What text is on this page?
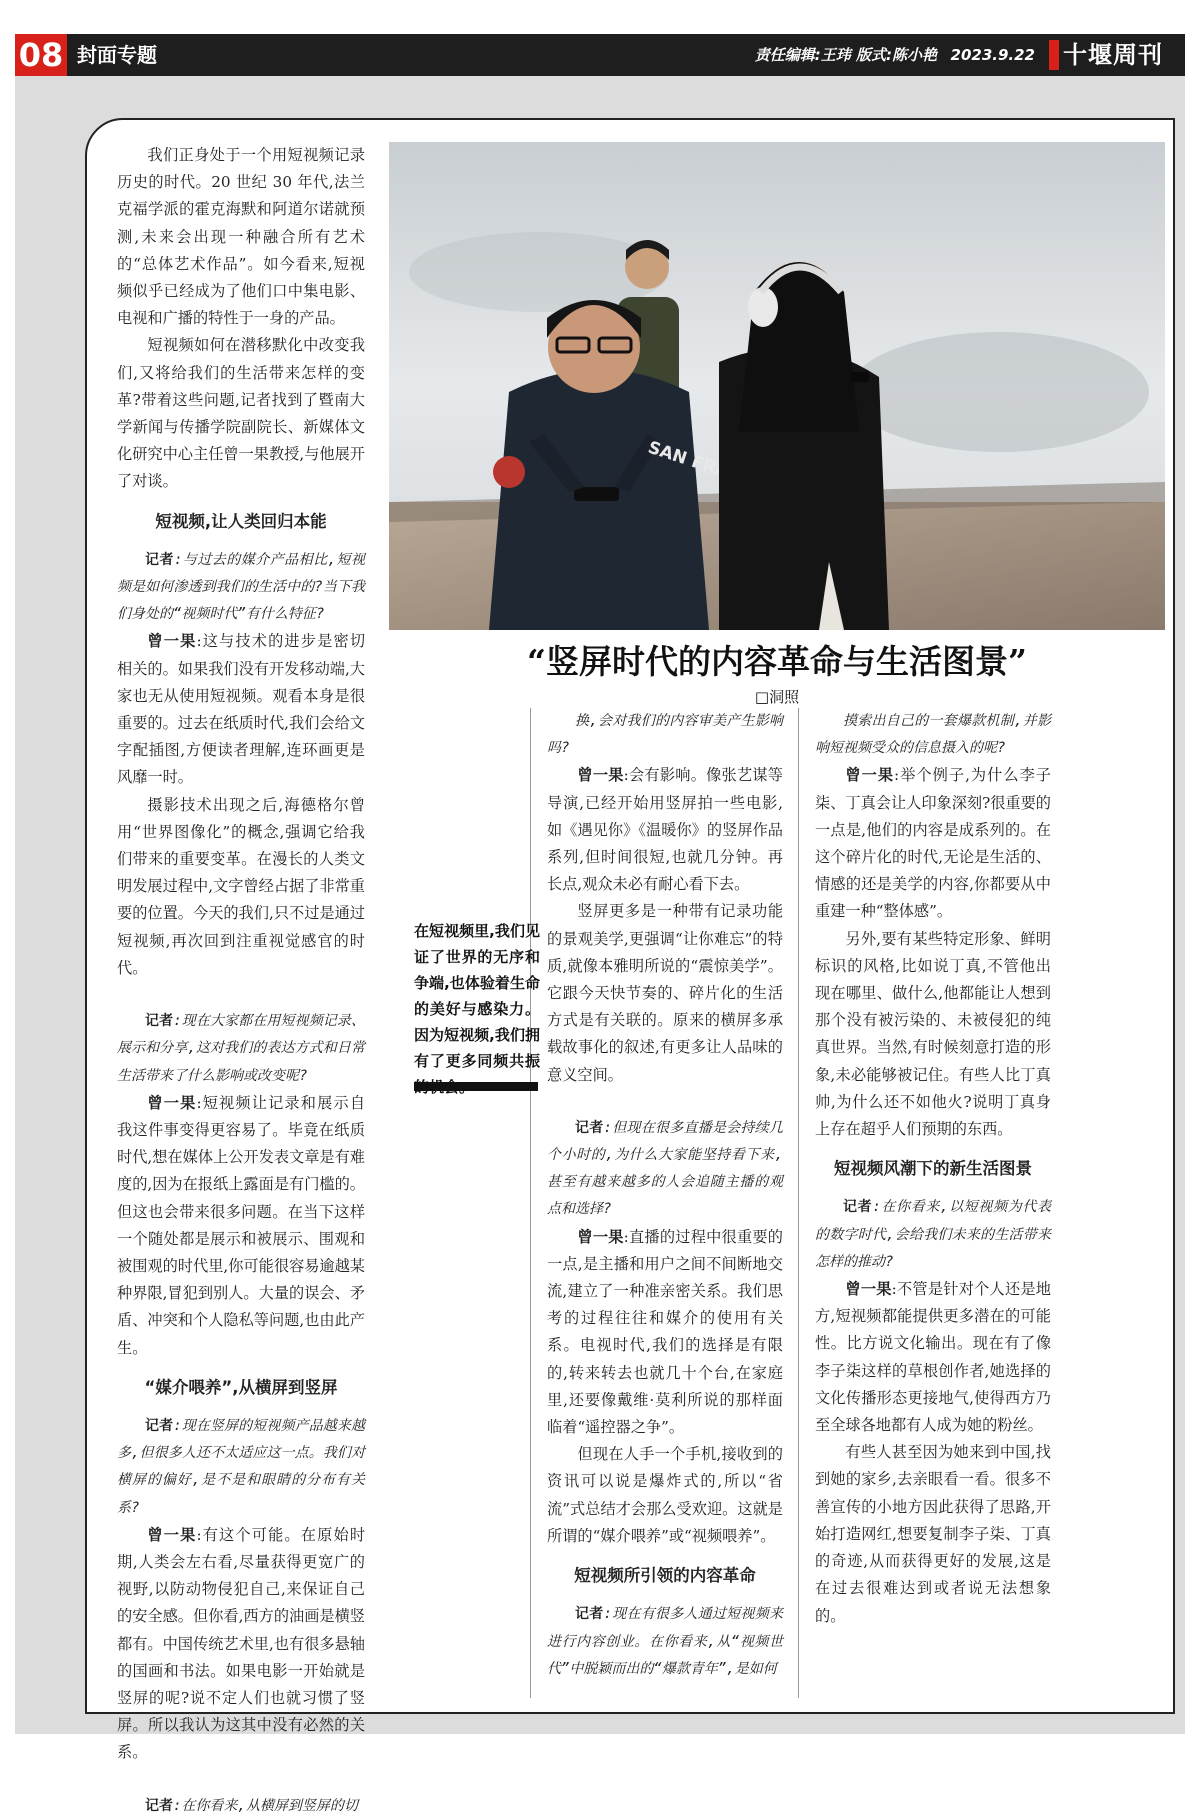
08 封面专题	责任编辑:王玮 版式:陈小艳 2023.9.22 十堰周刊
SAN
“竖屏时代的内容革命与生活图景”
□洞照
在短视频里,我们见证了世界的无序和争端,也体验着生命的美好与感染力。因为短视频,我们拥有了更多同频共振

我们正身处于一个用短视频记录历史的时代。20 世纪 30 年代,法兰克福学派的霍克海默和阿道尔诺就预测,未来会出现一种融合所有艺术的“总体艺术作品”。如今看来,短视频似乎已经成为了他们口中集电影、电视和广播的特性于一身的产品。

短视频如何在潜移默化中改变我们,又将给我们的生活带来怎样的变革?带着这些问题,记者找到了暨南大学新闻与传播学院副院长、新媒体文化研究中心主任曾一果教授,与他展开了对谈。

短视频,让人类回归本能

记者:与过去的媒介产品相比,短视频是如何渗透到我们的生活中的?当下我们身处的“视频时代”有什么特征?

曾一果:这与技术的进步是密切相关的。如果我们没有开发移动端,大家也无从使用短视频。观看本身是很重要的。过去在纸质时代,我们会给文字配插图,方便读者理解,连环画更是风靡一时。

摄影技术出现之后,海德格尔曾用“世界图像化”的概念,强调它给我们带来的重要变革。在漫长的人类文明发展过程中,文字曾经占据了非常重要的位置。今天的我们,只不过是通过短视频,再次回到注重视觉感官的时代。

记者:现在大家都在用短视频记录、展示和分享,这对我们的表达方式和日常生活带来了什么影响或改变呢?

曾一果:短视频让记录和展示自我这件事变得更容易了。毕竟在纸质时代,想在媒体上公开发表文章是有难度的,因为在报纸上露面是有门槛的。但这也会带来很多问题。在当下这样一个随处都是展示和被展示、围观和被围观的时代里,你可能很容易逾越某种界限,冒犯到别人。大量的误会、矛盾、冲突和个人隐私等问题,也由此产生。

“媒介喂养”,从横屏到竖屏

记者:现在竖屏的短视频产品越来越多,但很多人还不太适应这一点。我们对横屏的偏好,是不是和眼睛的分布有关系?

曾一果:有这个可能。在原始时期,人类会左右看,尽量获得更宽广的视野,以防动物侵犯自己,来保证自己的安全感。但你看,西方的油画是横竖都有。中国传统艺术里,也有很多悬轴的国画和书法。如果电影一开始就是竖屏的呢?说不定人们也就习惯了竖屏。所以我认为这其中没有必然的关系。

记者:在你看来,从横屏到竖屏的切

换,会对我们的内容审美产生影响吗?

曾一果:会有影响。像张艺谋等导演,已经开始用竖屏拍一些电影,如《遇见你》《温暖你》的竖屏作品系列,但时间很短,也就几分钟。再长点,观众未必有耐心看下去。

竖屏更多是一种带有记录功能的景观美学,更强调“让你难忘”的特质,就像本雅明所说的“震惊美学”。它跟今天快节奏的、碎片化的生活方式是有关联的。原来的横屏多承载故事化的叙述,有更多让人品味的意义空间。

记者:但现在很多直播是会持续几个小时的,为什么大家能坚持看下来,甚至有越来越多的人会追随主播的观点和选择?

曾一果:直播的过程中很重要的一点,是主播和用户之间不间断地交流,建立了一种准亲密关系。我们思考的过程往往和媒介的使用有关系。电视时代,我们的选择是有限的,转来转去也就几十个台,在家庭里,还要像戴维·莫利所说的那样面临着“遥控器之争”。

但现在人手一个手机,接收到的资讯可以说是爆炸式的,所以“省流”式总结才会那么受欢迎。这就是所谓的“媒介喂养”或“视频喂养”。

短视频所引领的内容革命

记者:现在有很多人通过短视频来进行内容创业。在你看来,从“视频世代”中脱颖而出的“爆款青年”,是如何

摸索出自己的一套爆款机制,并影响短视频受众的信息摄入的呢?

曾一果:举个例子,为什么李子柒、丁真会让人印象深刻?很重要的一点是,他们的内容是成系列的。在这个碎片化的时代,无论是生活的、情感的还是美学的内容,你都要从中重建一种“整体感”。

另外,要有某些特定形象、鲜明标识的风格,比如说丁真,不管他出现在哪里、做什么,他都能让人想到那个没有被污染的、未被侵犯的纯真世界。当然,有时候刻意打造的形象,未必能够被记住。有些人比丁真帅,为什么还不如他火?说明丁真身上存在超乎人们预期的东西。

短视频风潮下的新生活图景

记者:在你看来,以短视频为代表的数字时代,会给我们未来的生活带来怎样的推动?

曾一果:不管是针对个人还是地方,短视频都能提供更多潜在的可能性。比方说文化输出。现在有了像李子柒这样的草根创作者,她选择的文化传播形态更接地气,使得西方乃至全球各地都有人成为她的粉丝。

有些人甚至因为她来到中国,找到她的家乡,去亲眼看一看。很多不善宣传的小地方因此获得了思路,开始打造网红,想要复制李子柒、丁真的奇迹,从而获得更好的发展,这是在过去很难达到或者说无法想象的。
